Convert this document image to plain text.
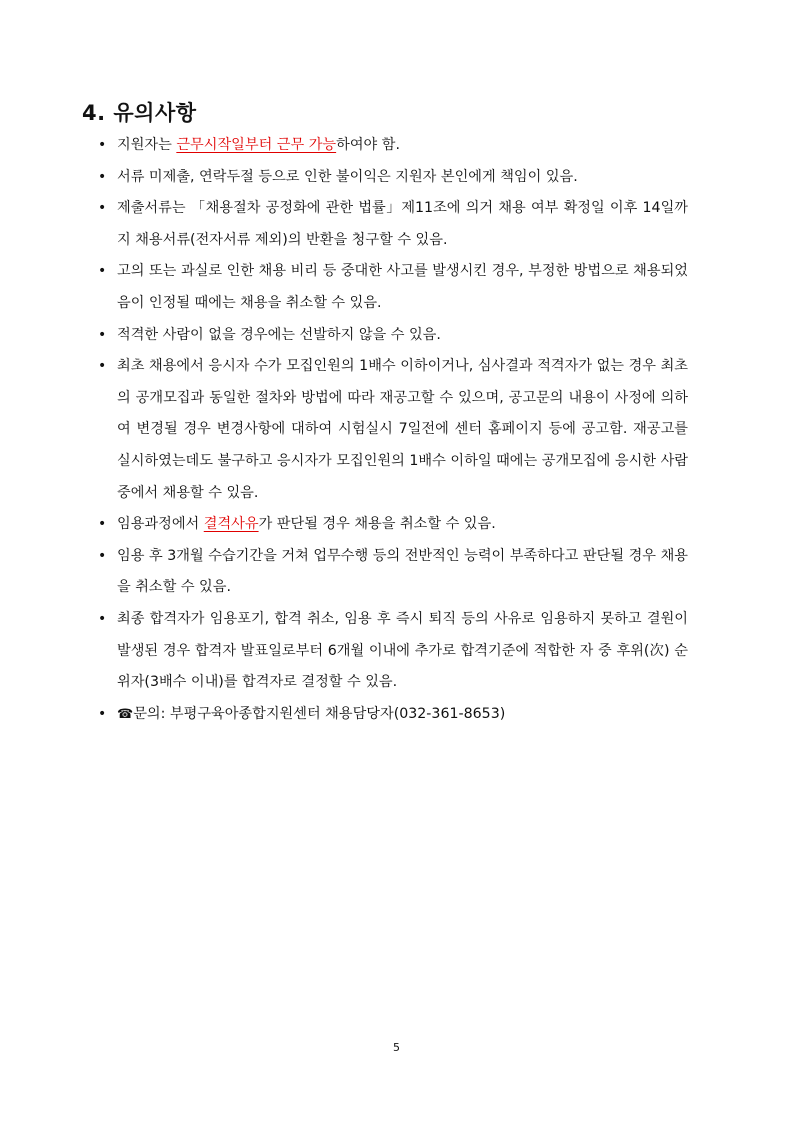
4. 유의사항
• 지원자는 근무시작일부터 근무 가능하여야 함.
• 서류 미제출, 연락두절 등으로 인한 불이익은 지원자 본인에게 책임이 있음.
• 제출서류는 「채용절차 공정화에 관한 법률」제11조에 의거 채용 여부 확정일 이후 14일까지 채용서류(전자서류 제외)의 반환을 청구할 수 있음.
• 고의 또는 과실로 인한 채용 비리 등 중대한 사고를 발생시킨 경우, 부정한 방법으로 채용되었음이 인정될 때에는 채용을 취소할 수 있음.
• 적격한 사람이 없을 경우에는 선발하지 않을 수 있음.
• 최초 채용에서 응시자 수가 모집인원의 1배수 이하이거나, 심사결과 적격자가 없는 경우 최초의 공개모집과 동일한 절차와 방법에 따라 재공고할 수 있으며, 공고문의 내용이 사정에 의하여 변경될 경우 변경사항에 대하여 시험실시 7일전에 센터 홈페이지 등에 공고함. 재공고를 실시하였는데도 불구하고 응시자가 모집인원의 1배수 이하일 때에는 공개모집에 응시한 사람 중에서 채용할 수 있음.
• 임용과정에서 결격사유가 판단될 경우 채용을 취소할 수 있음.
• 임용 후 3개월 수습기간을 거쳐 업무수행 등의 전반적인 능력이 부족하다고 판단될 경우 채용을 취소할 수 있음.
• 최종 합격자가 임용포기, 합격 취소, 임용 후 즉시 퇴직 등의 사유로 임용하지 못하고 결원이 발생된 경우 합격자 발표일로부터 6개월 이내에 추가로 합격기준에 적합한 자 중 후위(次) 순위자(3배수 이내)를 합격자로 결정할 수 있음.
• ☎문의: 부평구육아종합지원센터 채용담당자(032-361-8653)
5
